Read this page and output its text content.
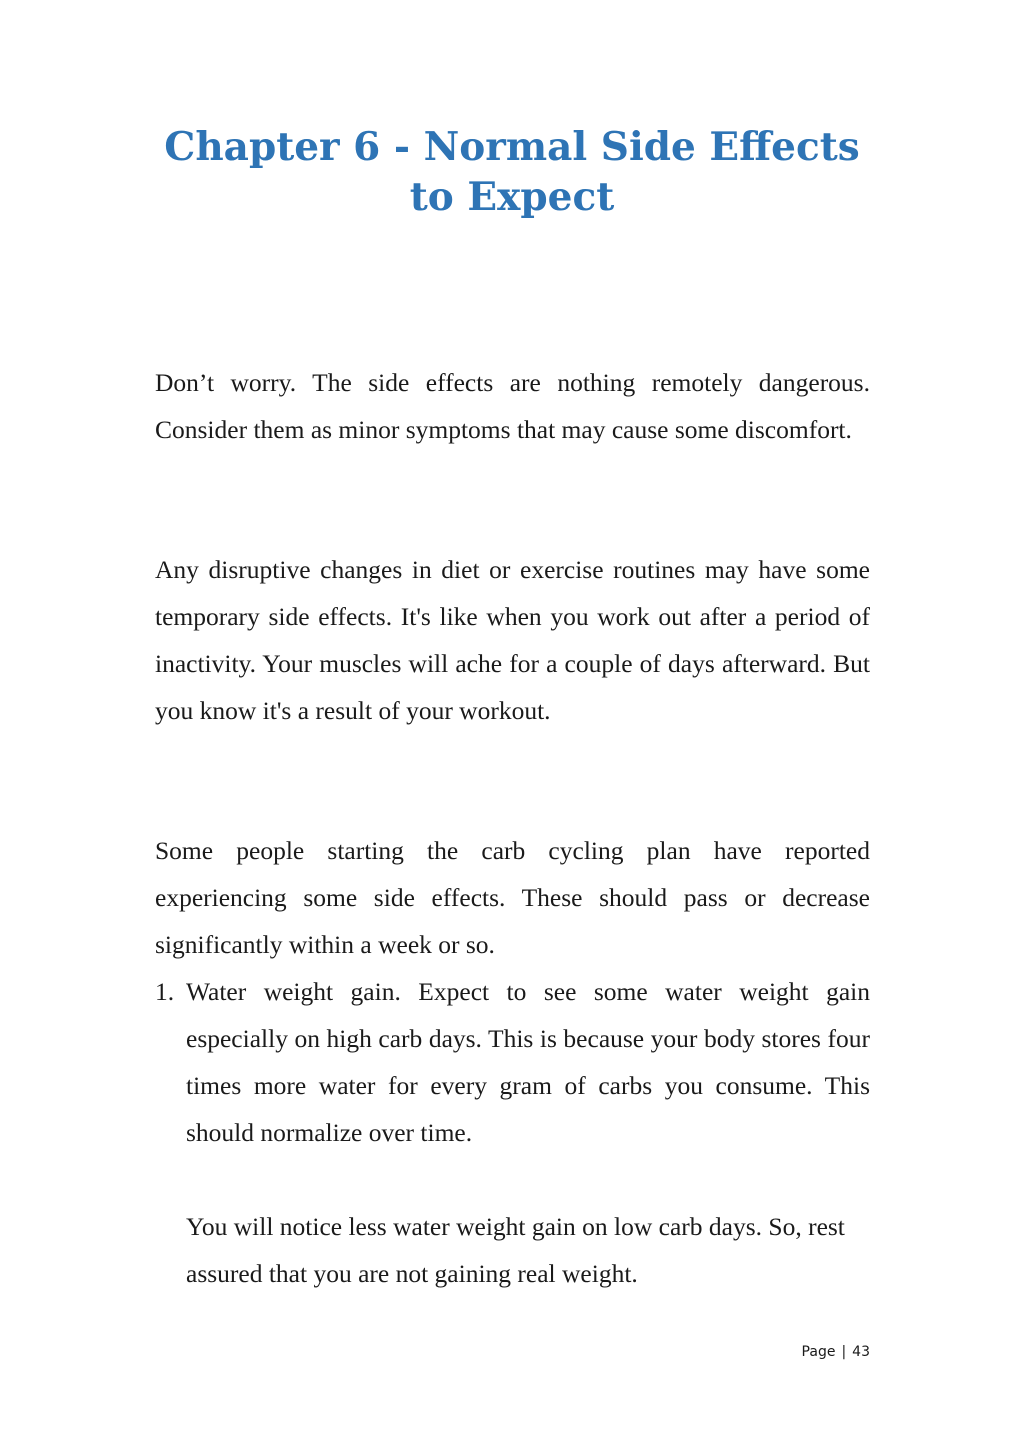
Chapter 6 - Normal Side Effects
to Expect

Don’t worry. The side effects are nothing remotely dangerous. Consider them as minor symptoms that may cause some discomfort.

Any disruptive changes in diet or exercise routines may have some temporary side effects. It's like when you work out after a period of inactivity. Your muscles will ache for a couple of days afterward. But you know it's a result of your workout.

Some people starting the carb cycling plan have reported experiencing some side effects. These should pass or decrease significantly within a week or so.

1. Water weight gain. Expect to see some water weight gain especially on high carb days. This is because your body stores four times more water for every gram of carbs you consume. This should normalize over time.
You will notice less water weight gain on low carb days. So, rest assured that you are not gaining real weight.
Page | 43
